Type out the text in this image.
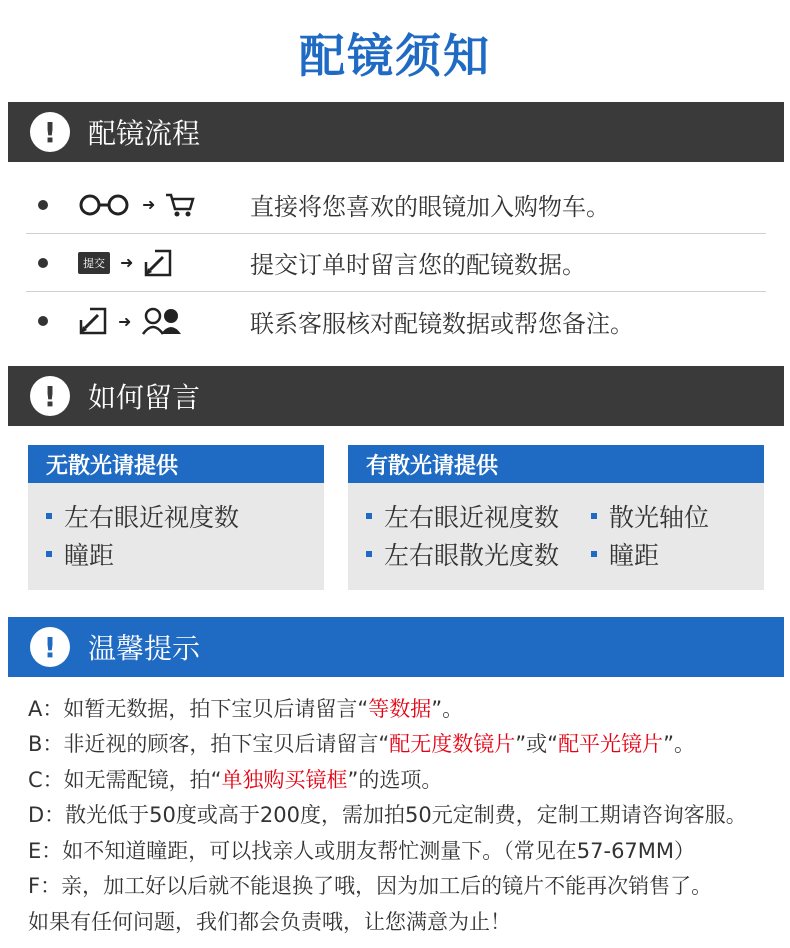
配镜须知
!	配镜流程
➜	直接将您喜欢的眼镜加入购物车。
提交 ➜	提交订单时留言您的配镜数据。
➜	联系客服核对配镜数据或帮您备注。
!	如何留言
无散光请提供
左右眼近视度数
瞳距
有散光请提供
左右眼近视度数 散光轴位
左右眼散光度数 瞳距
!	温馨提示
A：如暂无数据，拍下宝贝后请留言“ 等数据 ”。
B：非近视的顾客，拍下宝贝后请留言“ 配无度数镜片 ”或“ 配平光镜片 ”。
C：如无需配镜，拍“ 单独购买镜框 ”的选项。
D：散光低于50度或高于200度，需加拍50元定制费，定制工期请咨询客服。
E：如不知道瞳距，可以找亲人或朋友帮忙测量下。（常见在57-67MM）
F：亲，加工好以后就不能退换了哦，因为加工后的镜片不能再次销售了。
如果有任何问题，我们都会负责哦，让您满意为止！
